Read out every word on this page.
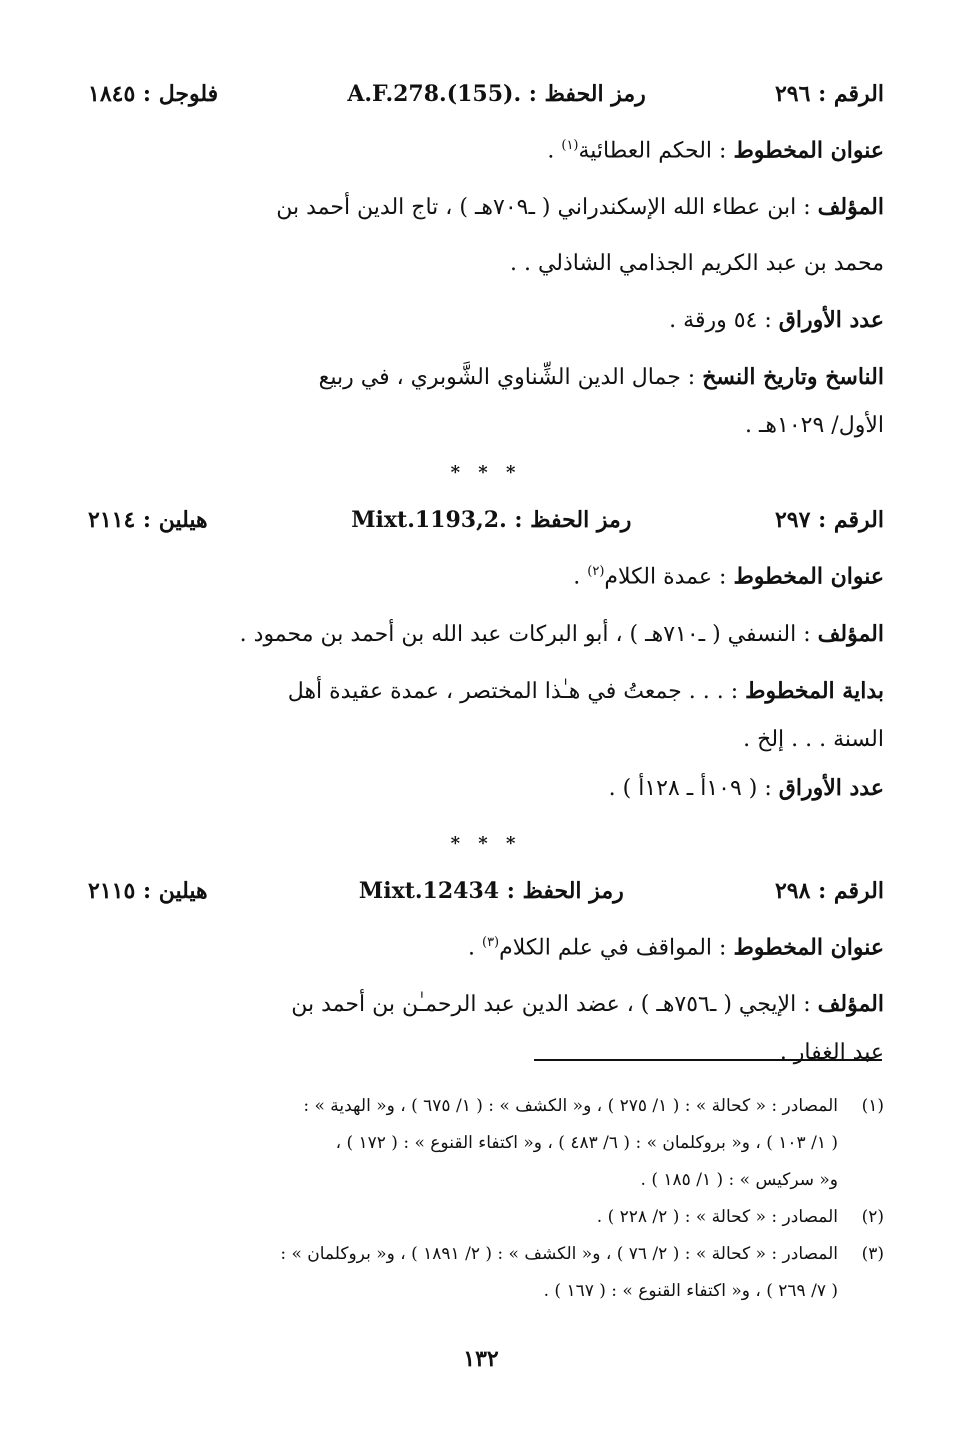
الرقم : ٢٩٦
رمز الحفظ : .A.F.278.(155)
فلوجل : ١٨٤٥
عنوان المخطوط : الحكم العطائية$^{(١)}$ .
المؤلف : ابن عطاء الله الإسكندراني ( ـ٧٠٩هـ ) ، تاج الدين أحمد بن
محمد بن عبد الكريم الجذامي الشاذلي . .
عدد الأوراق : ٥٤ ورقة .
الناسخ وتاريخ النسخ : جمال الدين الشِّناوي الشَّوبري ، في ربيع
الأول/ ١٠٢٩هـ .
* * *
الرقم : ٢٩٧
رمز الحفظ : .Mixt.1193,2
هيلين : ٢١١٤
عنوان المخطوط : عمدة الكلام$^{(٢)}$ .
المؤلف : النسفي ( ـ٧١٠هـ ) ، أبو البركات عبد الله بن أحمد بن محمود .
بداية المخطوط : . . . جمعتُ في هـٰذا المختصر ، عمدة عقيدة أهل
السنة . . . إلخ .
عدد الأوراق : ( ١٠٩أ ـ ١٢٨أ ) .
* * *
الرقم : ٢٩٨
رمز الحفظ : Mixt.12434
هيلين : ٢١١٥
عنوان المخطوط : المواقف في علم الكلام$^{(٣)}$ .
المؤلف : الإيجي ( ـ٧٥٦هـ ) ، عضد الدين عبد الرحمـٰن بن أحمد بن
عبد الغفار .
(١)
المصادر : « كحالة » : ( ١/ ٢٧٥ ) ، و« الكشف » : ( ١/ ٦٧٥ ) ، و« الهدية » :
( ١/ ١٠٣ ) ، و« بروكلمان » : ( ٦/ ٤٨٣ ) ، و« اكتفاء القنوع » : ( ١٧٢ ) ،
و« سركيس » : ( ١/ ١٨٥ ) .
(٢)
المصادر : « كحالة » : ( ٢/ ٢٢٨ ) .
(٣)
المصادر : « كحالة » : ( ٢/ ٧٦ ) ، و« الكشف » : ( ٢/ ١٨٩١ ) ، و« بروكلمان » :
( ٧/ ٢٦٩ ) ، و« اكتفاء القنوع » : ( ١٦٧ ) .
١٣٢
